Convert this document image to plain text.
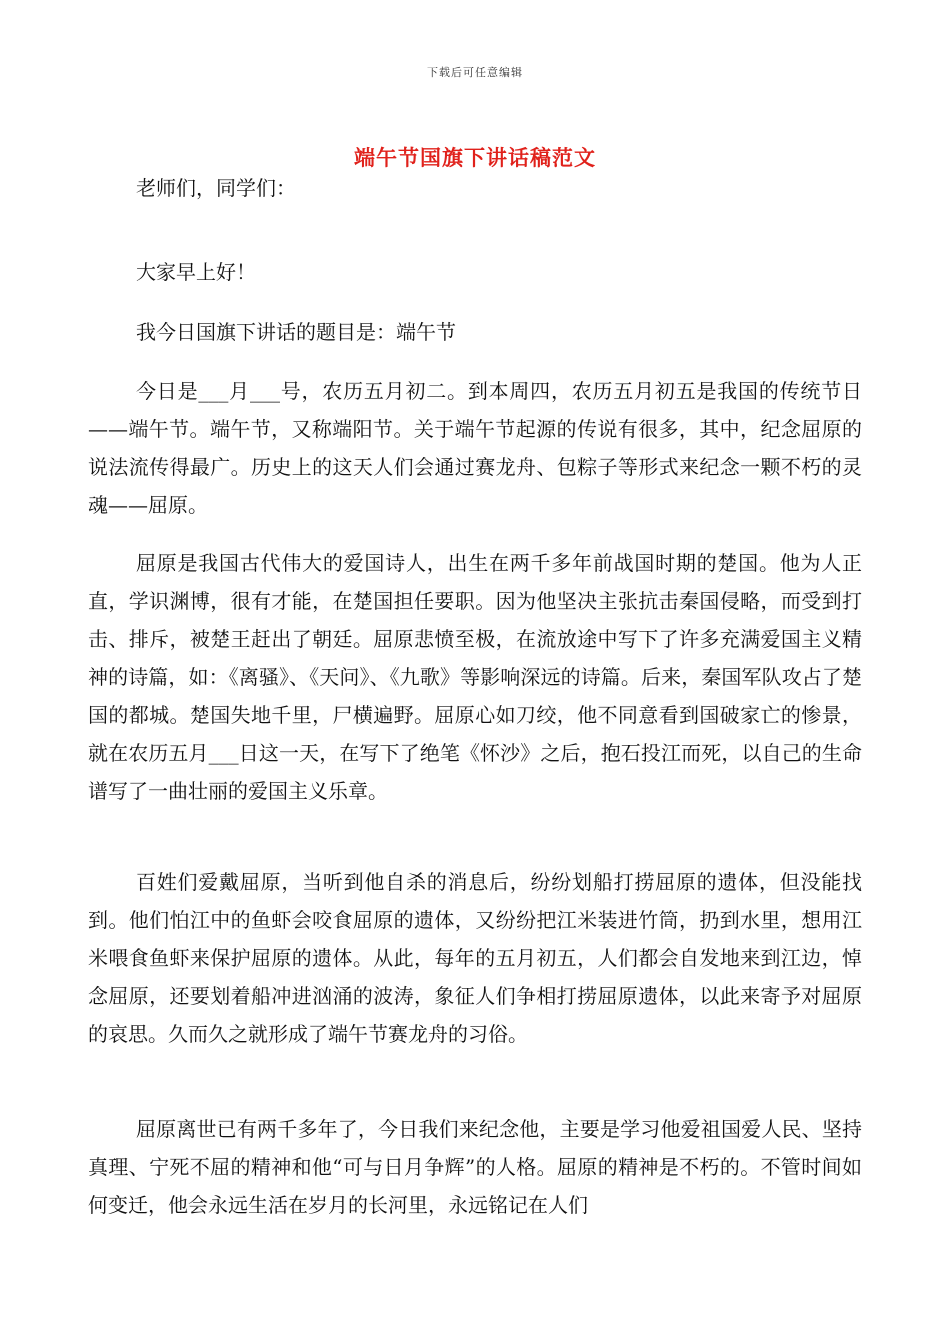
下载后可任意编辑
端午节国旗下讲话稿范文
老师们，同学们：
大家早上好！
我今日国旗下讲话的题目是：端午节

今日是___月___号，农历五月初二。到本周四，农历五月初五是我国的传统节日——端午节。端午节，又称端阳节。关于端午节起源的传说有很多，其中，纪念屈原的说法流传得最广。历史上的这天人们会通过赛龙舟、包粽子等形式来纪念一颗不朽的灵魂——屈原。

屈原是我国古代伟大的爱国诗人，出生在两千多年前战国时期的楚国。他为人正直，学识渊博，很有才能，在楚国担任要职。因为他坚决主张抗击秦国侵略，而受到打击、排斥，被楚王赶出了朝廷。屈原悲愤至极，在流放途中写下了许多充满爱国主义精神的诗篇，如：《离骚》、《天问》、《九歌》等影响深远的诗篇。后来，秦国军队攻占了楚国的都城。楚国失地千里，尸横遍野。屈原心如刀绞，他不同意看到国破家亡的惨景，就在农历五月___日这一天，在写下了绝笔《怀沙》之后，抱石投江而死，以自己的生命谱写了一曲壮丽的爱国主义乐章。

百姓们爱戴屈原，当听到他自杀的消息后，纷纷划船打捞屈原的遗体，但没能找到。他们怕江中的鱼虾会咬食屈原的遗体，又纷纷把江米装进竹筒，扔到水里，想用江米喂食鱼虾来保护屈原的遗体。从此，每年的五月初五，人们都会自发地来到江边，悼念屈原，还要划着船冲进汹涌的波涛，象征人们争相打捞屈原遗体，以此来寄予对屈原的哀思。久而久之就形成了端午节赛龙舟的习俗。

屈原离世已有两千多年了，今日我们来纪念他，主要是学习他爱祖国爱人民、坚持真理、宁死不屈的精神和他“可与日月争辉”的人格。屈原的精神是不朽的。不管时间如何变迁，他会永远生活在岁月的长河里，永远铭记在人们
